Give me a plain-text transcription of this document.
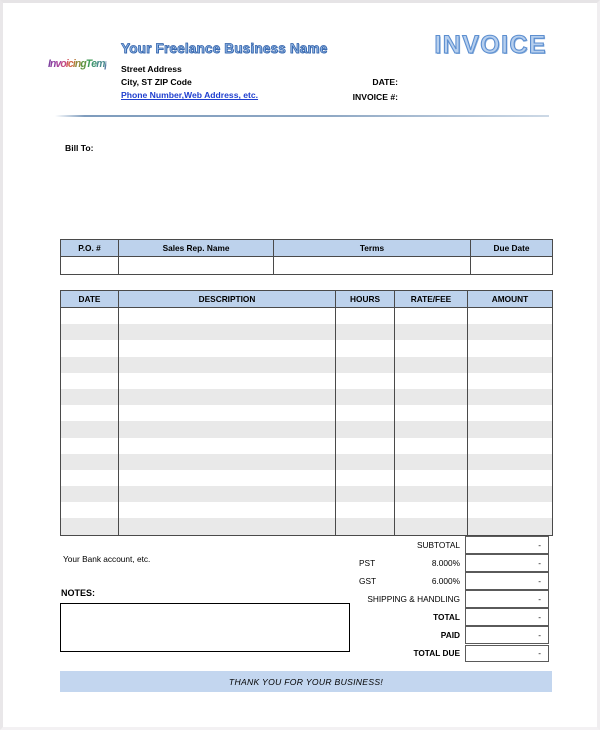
InvoicingTem
Your Freelance Business Name
Street Address
City, ST ZIP Code
Phone Number,Web Address, etc.
INVOICE
DATE:
INVOICE #:
Bill To:
P.O. #	Sales Rep. Name	Terms	Due Date

DATE	DESCRIPTION	HOURS	RATE/FEE	AMOUNT

Your Bank account, etc.
NOTES:
SUBTOTAL	-
PST	8.000%	-
GST	6.000%	-
SHIPPING & HANDLING	-
TOTAL	-
PAID	-
TOTAL DUE	-
THANK YOU FOR YOUR BUSINESS!
